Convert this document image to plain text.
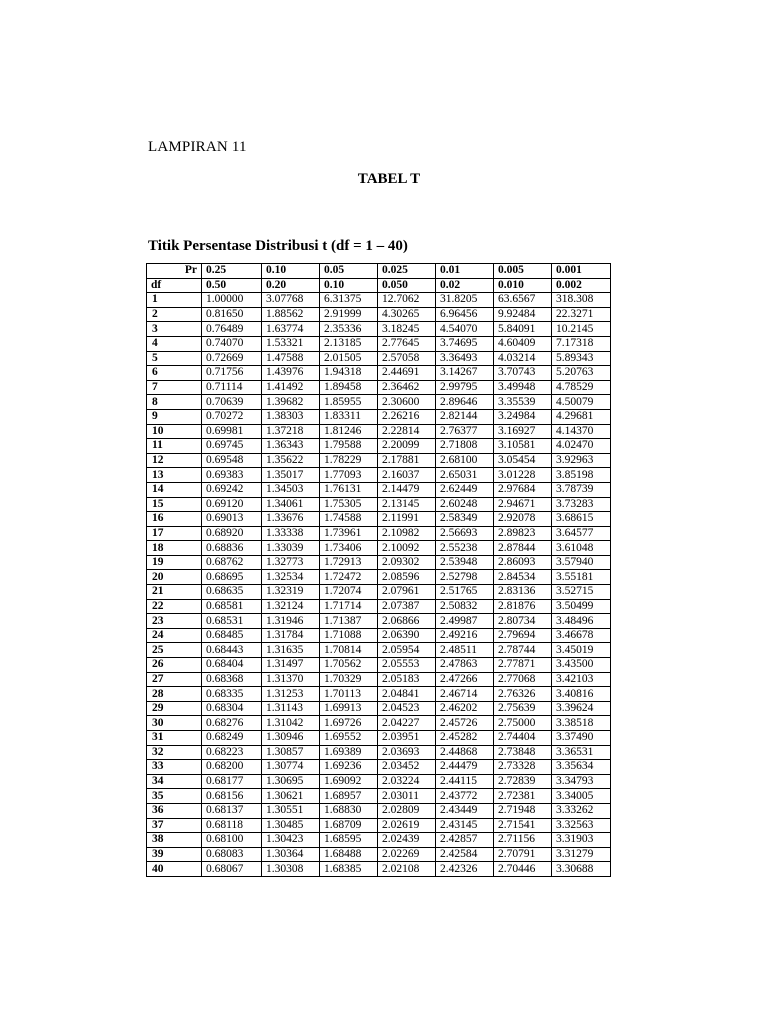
LAMPIRAN 11
TABEL T
Titik Persentase Distribusi t (df = 1 – 40)
Pr	0.25	0.10	0.05	0.025	0.01	0.005	0.001
df	0.50	0.20	0.10	0.050	0.02	0.010	0.002
1	1.00000	3.07768	6.31375	12.7062	31.8205	63.6567	318.308
2	0.81650	1.88562	2.91999	4.30265	6.96456	9.92484	22.3271
3	0.76489	1.63774	2.35336	3.18245	4.54070	5.84091	10.2145
4	0.74070	1.53321	2.13185	2.77645	3.74695	4.60409	7.17318
5	0.72669	1.47588	2.01505	2.57058	3.36493	4.03214	5.89343
6	0.71756	1.43976	1.94318	2.44691	3.14267	3.70743	5.20763
7	0.71114	1.41492	1.89458	2.36462	2.99795	3.49948	4.78529
8	0.70639	1.39682	1.85955	2.30600	2.89646	3.35539	4.50079
9	0.70272	1.38303	1.83311	2.26216	2.82144	3.24984	4.29681
10	0.69981	1.37218	1.81246	2.22814	2.76377	3.16927	4.14370
11	0.69745	1.36343	1.79588	2.20099	2.71808	3.10581	4.02470
12	0.69548	1.35622	1.78229	2.17881	2.68100	3.05454	3.92963
13	0.69383	1.35017	1.77093	2.16037	2.65031	3.01228	3.85198
14	0.69242	1.34503	1.76131	2.14479	2.62449	2.97684	3.78739
15	0.69120	1.34061	1.75305	2.13145	2.60248	2.94671	3.73283
16	0.69013	1.33676	1.74588	2.11991	2.58349	2.92078	3.68615
17	0.68920	1.33338	1.73961	2.10982	2.56693	2.89823	3.64577
18	0.68836	1.33039	1.73406	2.10092	2.55238	2.87844	3.61048
19	0.68762	1.32773	1.72913	2.09302	2.53948	2.86093	3.57940
20	0.68695	1.32534	1.72472	2.08596	2.52798	2.84534	3.55181
21	0.68635	1.32319	1.72074	2.07961	2.51765	2.83136	3.52715
22	0.68581	1.32124	1.71714	2.07387	2.50832	2.81876	3.50499
23	0.68531	1.31946	1.71387	2.06866	2.49987	2.80734	3.48496
24	0.68485	1.31784	1.71088	2.06390	2.49216	2.79694	3.46678
25	0.68443	1.31635	1.70814	2.05954	2.48511	2.78744	3.45019
26	0.68404	1.31497	1.70562	2.05553	2.47863	2.77871	3.43500
27	0.68368	1.31370	1.70329	2.05183	2.47266	2.77068	3.42103
28	0.68335	1.31253	1.70113	2.04841	2.46714	2.76326	3.40816
29	0.68304	1.31143	1.69913	2.04523	2.46202	2.75639	3.39624
30	0.68276	1.31042	1.69726	2.04227	2.45726	2.75000	3.38518
31	0.68249	1.30946	1.69552	2.03951	2.45282	2.74404	3.37490
32	0.68223	1.30857	1.69389	2.03693	2.44868	2.73848	3.36531
33	0.68200	1.30774	1.69236	2.03452	2.44479	2.73328	3.35634
34	0.68177	1.30695	1.69092	2.03224	2.44115	2.72839	3.34793
35	0.68156	1.30621	1.68957	2.03011	2.43772	2.72381	3.34005
36	0.68137	1.30551	1.68830	2.02809	2.43449	2.71948	3.33262
37	0.68118	1.30485	1.68709	2.02619	2.43145	2.71541	3.32563
38	0.68100	1.30423	1.68595	2.02439	2.42857	2.71156	3.31903
39	0.68083	1.30364	1.68488	2.02269	2.42584	2.70791	3.31279
40	0.68067	1.30308	1.68385	2.02108	2.42326	2.70446	3.30688
